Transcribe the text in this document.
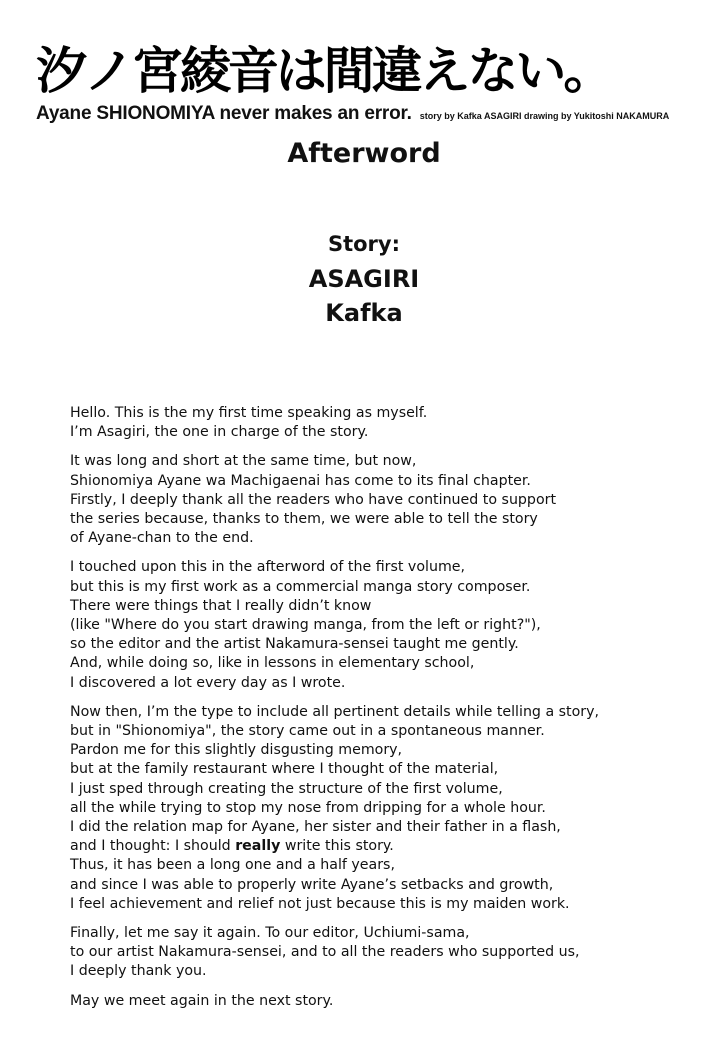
汐ノ宮綾音は間違えない。
Ayane SHIONOMIYA never makes an error. story by Kafka ASAGIRI drawing by Yukitoshi NAKAMURA
Afterword
Story:
ASAGIRI
Kafka
Hello. This is the my first time speaking as myself.
I’m Asagiri, the one in charge of the story.
It was long and short at the same time, but now,
Shionomiya Ayane wa Machigaenai has come to its final chapter.
Firstly, I deeply thank all the readers who have continued to support
the series because, thanks to them, we were able to tell the story
of Ayane-chan to the end.
I touched upon this in the afterword of the first volume,
but this is my first work as a commercial manga story composer.
There were things that I really didn’t know
(like "Where do you start drawing manga, from the left or right?"),
so the editor and the artist Nakamura-sensei taught me gently.
And, while doing so, like in lessons in elementary school,
I discovered a lot every day as I wrote.
Now then, I’m the type to include all pertinent details while telling a story,
but in "Shionomiya", the story came out in a spontaneous manner.
Pardon me for this slightly disgusting memory,
but at the family restaurant where I thought of the material,
I just sped through creating the structure of the first volume,
all the while trying to stop my nose from dripping for a whole hour.
I did the relation map for Ayane, her sister and their father in a flash,
and I thought: I should really write this story.
Thus, it has been a long one and a half years,
and since I was able to properly write Ayane’s setbacks and growth,
I feel achievement and relief not just because this is my maiden work.
Finally, let me say it again. To our editor, Uchiumi-sama,
to our artist Nakamura-sensei, and to all the readers who supported us,
I deeply thank you.
May we meet again in the next story.
